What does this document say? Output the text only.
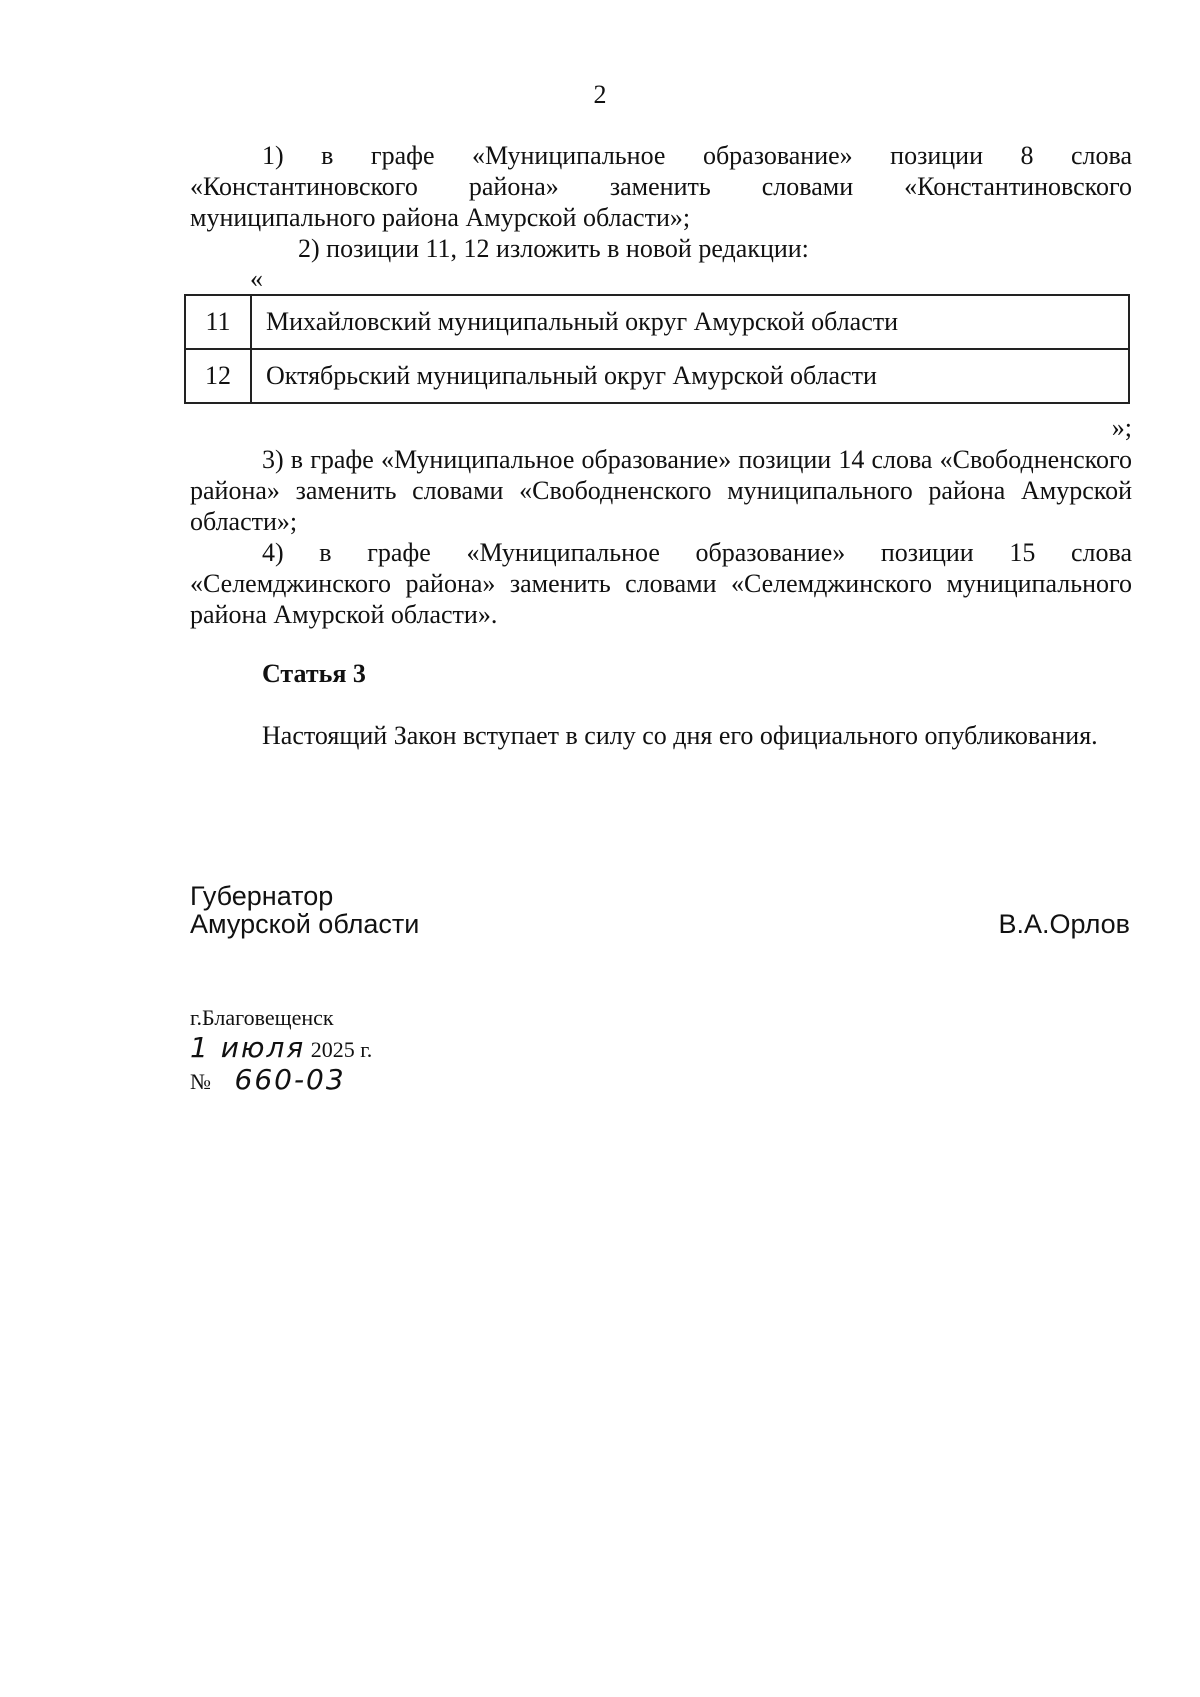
2

1) в графе «Муниципальное образование» позиции 8 слова «Константиновского района» заменить словами «Константиновского муниципального района Амурской области»;

2) позиции 11, 12 изложить в новой редакции:

«

11	Михайловский муниципальный округ Амурской области
12	Октябрьский муниципальный округ Амурской области

»;

3) в графе «Муниципальное образование» позиции 14 слова «Свободненского района» заменить словами «Свободненского муниципального района Амурской области»;

4) в графе «Муниципальное образование» позиции 15 слова «Селемджинского района» заменить словами «Селемджинского муниципального района Амурской области».

Статья 3

Настоящий Закон вступает в силу со дня его официального опубликования.

Губернатор
Амурской области	В.А.Орлов
г.Благовещенск
1 июля 2025 г.
№ 660-03
